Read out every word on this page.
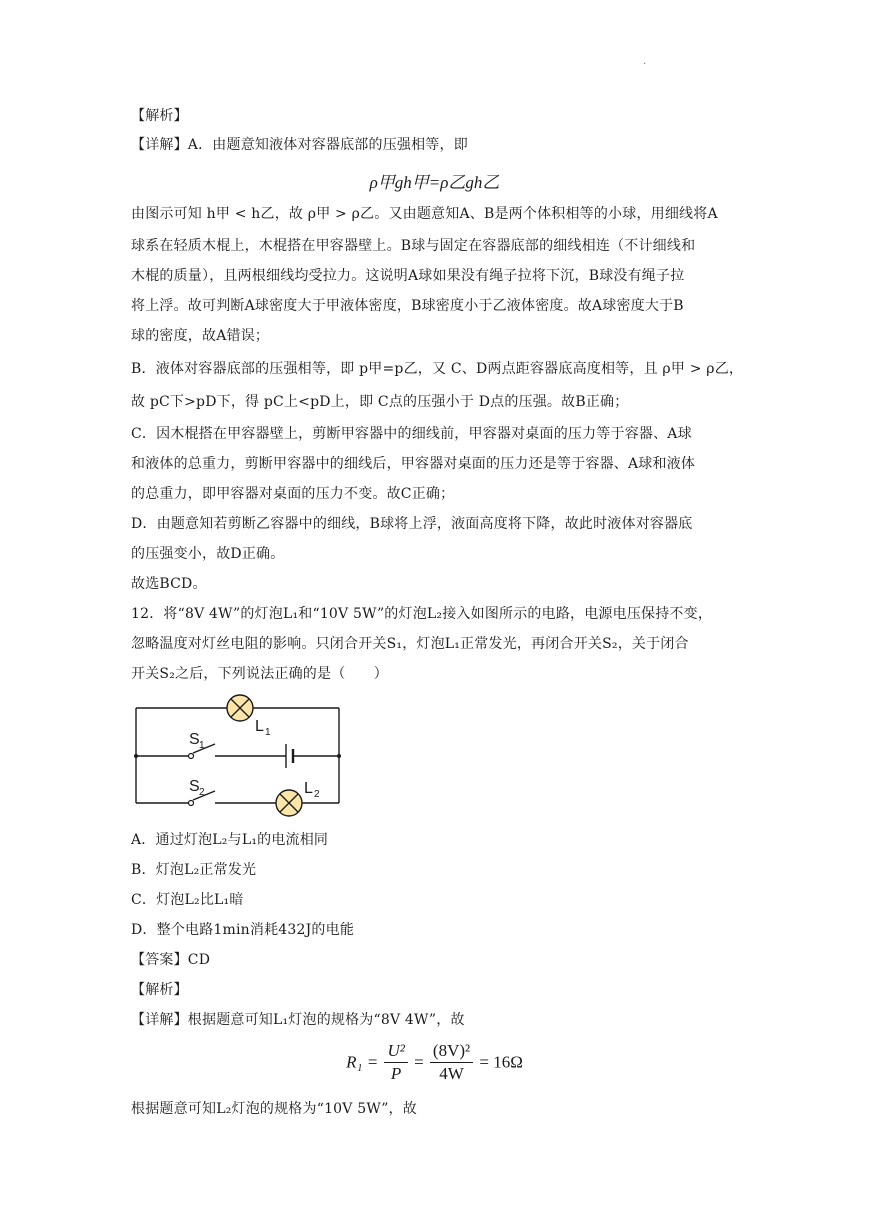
.
【解析】
【详解】A．由题意知液体对容器底部的压强相等，即
ρ甲gh甲=ρ乙gh乙
由图示可知 h甲 < h乙，故 ρ甲 > ρ乙。又由题意知A、B是两个体积相等的小球，用细线将A
球系在轻质木棍上，木棍搭在甲容器壁上。B球与固定在容器底部的细线相连（不计细线和
木棍的质量），且两根细线均受拉力。这说明A球如果没有绳子拉将下沉，B球没有绳子拉
将上浮。故可判断A球密度大于甲液体密度，B球密度小于乙液体密度。故A球密度大于B
球的密度，故A错误；
B．液体对容器底部的压强相等，即 p甲=p乙，又 C、D两点距容器底高度相等，且 ρ甲 > ρ乙，
故 pC下>pD下，得 pC上<pD上，即 C点的压强小于 D点的压强。故B正确；
C．因木棍搭在甲容器壁上，剪断甲容器中的细线前，甲容器对桌面的压力等于容器、A球
和液体的总重力，剪断甲容器中的细线后，甲容器对桌面的压力还是等于容器、A球和液体
的总重力，即甲容器对桌面的压力不变。故C正确；
D．由题意知若剪断乙容器中的细线，B球将上浮，液面高度将下降，故此时液体对容器底
的压强变小，故D正确。
故选BCD。
12．将“8V 4W”的灯泡L₁和“10V 5W”的灯泡L₂接入如图所示的电路，电源电压保持不变，
忽略温度对灯丝电阻的影响。只闭合开关S₁，灯泡L₁正常发光，再闭合开关S₂，关于闭合
开关S₂之后，下列说法正确的是（　　）
L 1
L 2
S 1
S 2
A．通过灯泡L₂与L₁的电流相同
B．灯泡L₂正常发光
C．灯泡L₂比L₁暗
D．整个电路1min消耗432J的电能
【答案】CD
【解析】
【详解】根据题意可知L₁灯泡的规格为“8V 4W”，故
$R_1 = \frac{\text{U²}}{P} = \frac{\text{(8V)²}}{4W} = 16\Omega$
根据题意可知L₂灯泡的规格为“10V 5W”，故
